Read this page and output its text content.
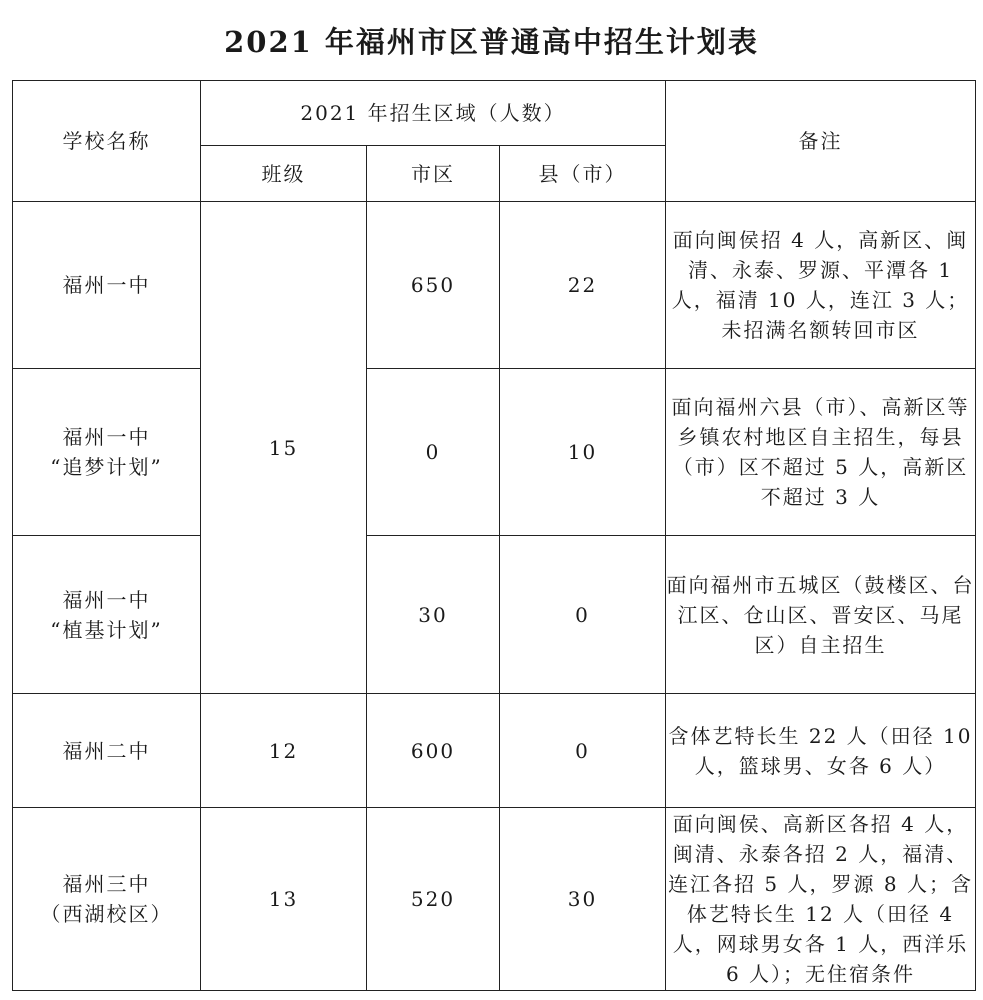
2021 年福州市区普通高中招生计划表
学校名称	2021 年招生区域（人数）			备注
	班级	市区	县（市）	

福州一中	15	650	22	面向闽侯招 4 人，高新区、闽清、永泰、罗源、平潭各 1 人，福清 10 人，连江 3 人；未招满名额转回市区

福州一中
“追梦计划”		0	10	面向福州六县（市）、高新区等乡镇农村地区自主招生，每县（市）区不超过 5 人，高新区不超过 3 人

福州一中
“植基计划”		30	0	面向福州市五城区（鼓楼区、台江区、仓山区、晋安区、马尾区）自主招生

福州二中	12	600	0	含体艺特长生 22 人（田径 10 人，篮球男、女各 6 人）

福州三中
（西湖校区）	13	520	30	面向闽侯、高新区各招 4 人，闽清、永泰各招 2 人，福清、连江各招 5 人，罗源 8 人；含体艺特长生 12 人（田径 4 人，网球男女各 1 人，西洋乐 6 人）；无住宿条件
